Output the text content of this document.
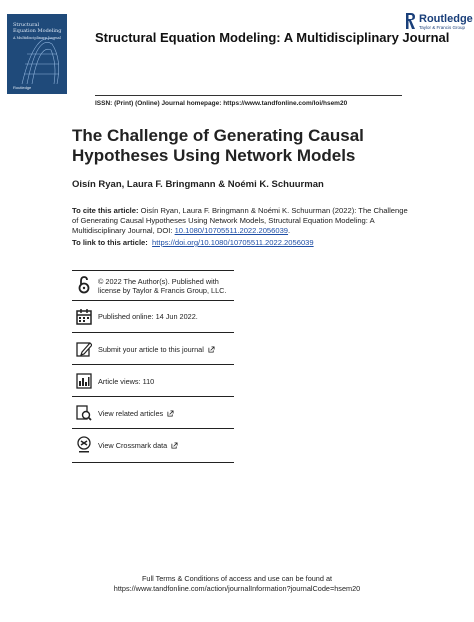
Structural Equation Modeling
A Multidisciplinary Journal
Routledge
Structural Equation Modeling: A Multidisciplinary Journal
Routledge
Taylor & Francis Group
ISSN: (Print) (Online) Journal homepage: https://www.tandfonline.com/loi/hsem20
The Challenge of Generating Causal Hypotheses Using Network Models
Oisín Ryan, Laura F. Bringmann & Noémi K. Schuurman
To cite this article: Oisín Ryan, Laura F. Bringmann & Noémi K. Schuurman (2022): The Challenge of Generating Causal Hypotheses Using Network Models, Structural Equation Modeling: A Multidisciplinary Journal, DOI: 10.1080/10705511.2022.2056039.
To link to this article: https://doi.org/10.1080/10705511.2022.2056039
© 2022 The Author(s). Published with
license by Taylor & Francis Group, LLC.
Published online: 14 Jun 2022.
Submit your article to this journal
Article views: 110
View related articles
View Crossmark data
Full Terms & Conditions of access and use can be found at
https://www.tandfonline.com/action/journalInformation?journalCode=hsem20
